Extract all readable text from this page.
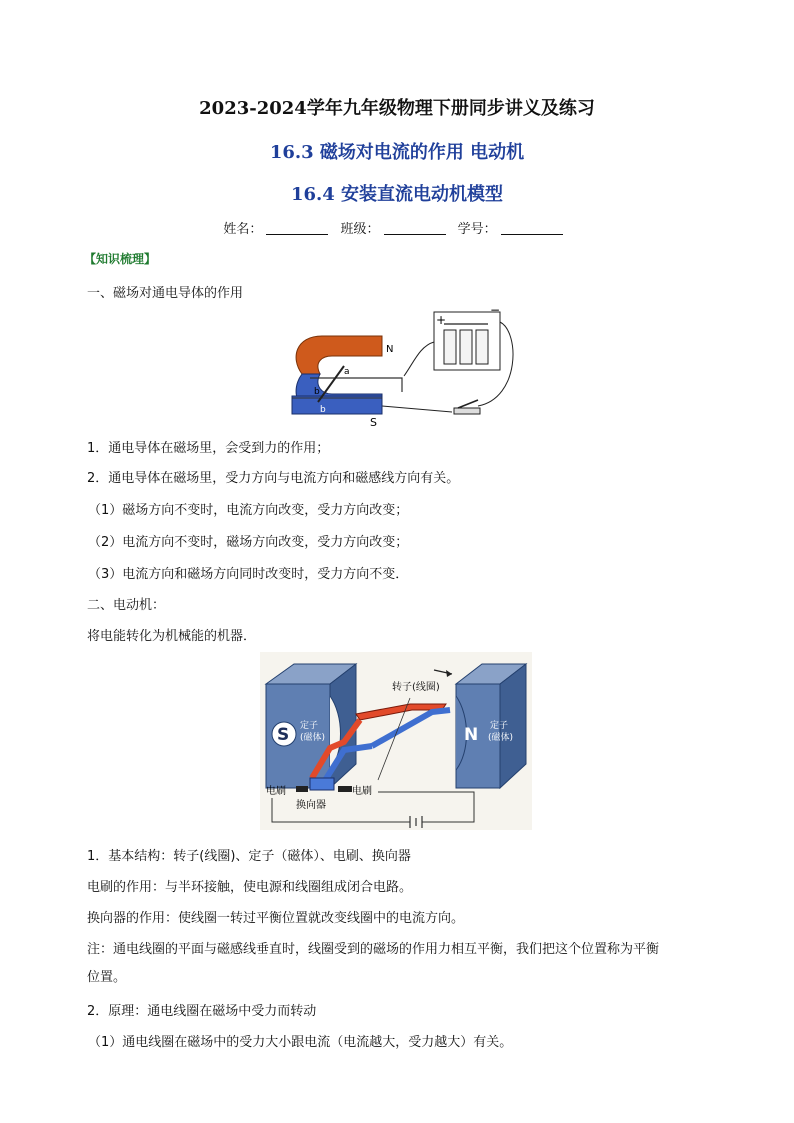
2023-2024学年九年级物理下册同步讲义及练习
16.3 磁场对电流的作用 电动机
16.4 安装直流电动机模型
姓名：	班级：	学号：
【知识梳理】
一、磁场对通电导体的作用
+
−
N
S
a
b
b
1．通电导体在磁场里，会受到力的作用；
2．通电导体在磁场里，受力方向与电流方向和磁感线方向有关。
（1）磁场方向不变时，电流方向改变，受力方向改变；
（2）电流方向不变时，磁场方向改变，受力方向改变；
（3）电流方向和磁场方向同时改变时，受力方向不变．
二、电动机：
将电能转化为机械能的机器．
S 定子
(磁体)	N 定子
(磁体)
转子(线圈)
电刷	电刷
换向器
1．基本结构：转子(线圈)、定子（磁体）、电刷、换向器
电刷的作用：与半环接触，使电源和线圈组成闭合电路。
换向器的作用：使线圈一转过平衡位置就改变线圈中的电流方向。
注：通电线圈的平面与磁感线垂直时，线圈受到的磁场的作用力相互平衡，我们把这个位置称为平衡
位置。
2．原理：通电线圈在磁场中受力而转动
（1）通电线圈在磁场中的受力大小跟电流（电流越大，受力越大）有关。
